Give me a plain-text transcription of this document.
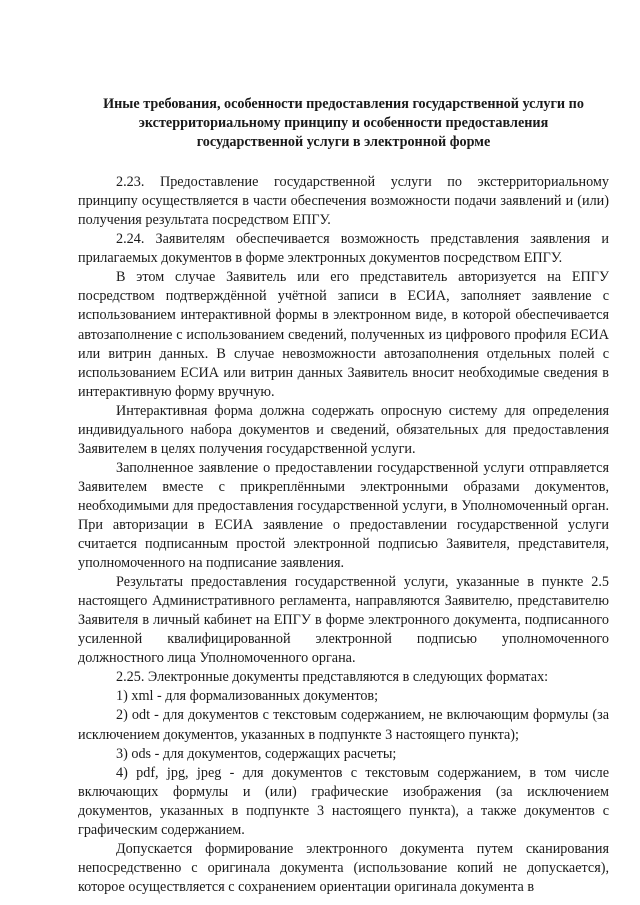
Иные требования, особенности предоставления государственной услуги по экстерриториальному принципу и особенности предоставления государственной услуги в электронной форме

2.23. Предоставление государственной услуги по экстерриториальному принципу осуществляется в части обеспечения возможности подачи заявлений и (или) получения результата посредством ЕПГУ.

2.24. Заявителям обеспечивается возможность представления заявления и прилагаемых документов в форме электронных документов посредством ЕПГУ.

В этом случае Заявитель или его представитель авторизуется на ЕПГУ посредством подтверждённой учётной записи в ЕСИА, заполняет заявление с использованием интерактивной формы в электронном виде, в которой обеспечивается автозаполнение с использованием сведений, полученных из цифрового профиля ЕСИА или витрин данных. В случае невозможности автозаполнения отдельных полей с использованием ЕСИА или витрин данных Заявитель вносит необходимые сведения в интерактивную форму вручную.

Интерактивная форма должна содержать опросную систему для определения индивидуального набора документов и сведений, обязательных для предоставления Заявителем в целях получения государственной услуги.

Заполненное заявление о предоставлении государственной услуги отправляется Заявителем вместе с прикреплёнными электронными образами документов, необходимыми для предоставления государственной услуги, в Уполномоченный орган. При авторизации в ЕСИА заявление о предоставлении государственной услуги считается подписанным простой электронной подписью Заявителя, представителя, уполномоченного на подписание заявления.

Результаты предоставления государственной услуги, указанные в пункте 2.5 настоящего Административного регламента, направляются Заявителю, представителю Заявителя в личный кабинет на ЕПГУ в форме электронного документа, подписанного усиленной квалифицированной электронной подписью уполномоченного должностного лица Уполномоченного органа.

2.25. Электронные документы представляются в следующих форматах:

1) xml - для формализованных документов;

2) odt - для документов с текстовым содержанием, не включающим формулы (за исключением документов, указанных в подпункте 3 настоящего пункта);

3) ods - для документов, содержащих расчеты;

4) pdf, jpg, jpeg - для документов с текстовым содержанием, в том числе включающих формулы и (или) графические изображения (за исключением документов, указанных в подпункте 3 настоящего пункта), а также документов с графическим содержанием.

Допускается формирование электронного документа путем сканирования непосредственно с оригинала документа (использование копий не допускается), которое осуществляется с сохранением ориентации оригинала документа в
